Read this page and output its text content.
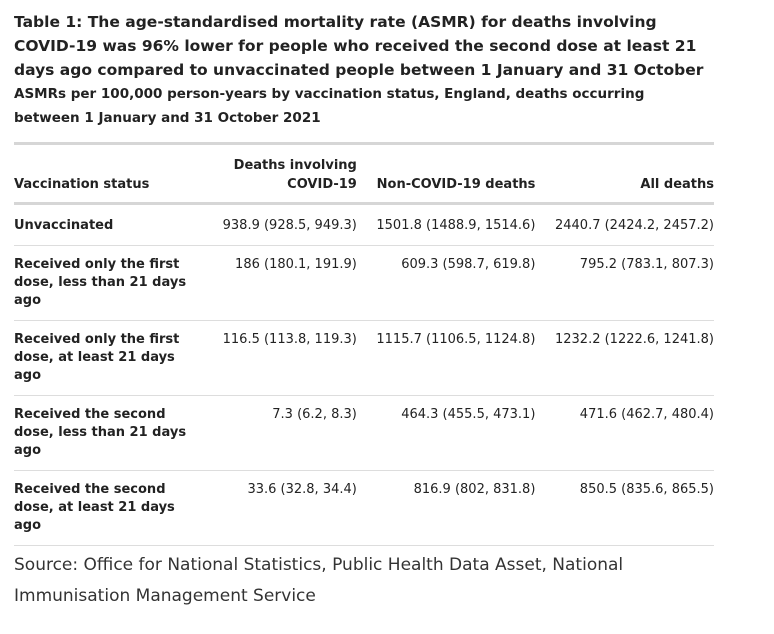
Table 1: The age-standardised mortality rate (ASMR) for deaths involving COVID-19 was 96% lower for people who received the second dose at least 21 days ago compared to unvaccinated people between 1 January and 31 October

ASMRs per 100,000 person-years by vaccination status, England, deaths occurring between 1 January and 31 October 2021

Vaccination status	Deaths involving COVID-19	Non-COVID-19 deaths	All deaths
Unvaccinated	938.9 (928.5, 949.3)	1501.8 (1488.9, 1514.6)	2440.7 (2424.2, 2457.2)
Received only the first dose, less than 21 days ago	186 (180.1, 191.9)	609.3 (598.7, 619.8)	795.2 (783.1, 807.3)
Received only the first dose, at least 21 days ago	116.5 (113.8, 119.3)	1115.7 (1106.5, 1124.8)	1232.2 (1222.6, 1241.8)
Received the second dose, less than 21 days ago	7.3 (6.2, 8.3)	464.3 (455.5, 473.1)	471.6 (462.7, 480.4)
Received the second dose, at least 21 days ago	33.6 (32.8, 34.4)	816.9 (802, 831.8)	850.5 (835.6, 865.5)
Source: Office for National Statistics, Public Health Data Asset, National Immunisation Management Service
